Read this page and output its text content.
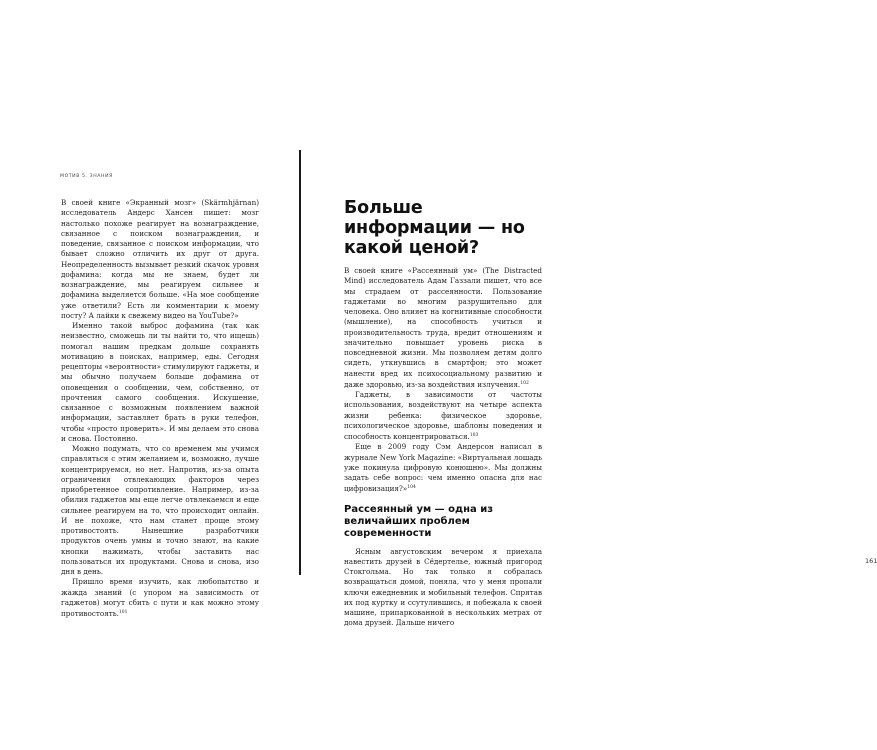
МОТИВ 5. ЗНАНИЯ

В своей книге «Экранный мозг» (Skärmhjärnan) исследователь Андерс Хансен пишет: мозг настолько похоже реагирует на вознаграждение, связанное с поиском вознаграждения, и поведение, связанное с поиском информации, что бывает сложно отличить их друг от друга. Неопределенность вызывает резкий скачок уровня дофамина: когда мы не знаем, будет ли вознаграждение, мы реагируем сильнее и дофамина выделяется больше. «На мое сообщение уже ответили? Есть ли комментарии к моему посту? А лайки к свежему видео на YouTube?»

Именно такой выброс дофамина (так как неизвестно, сможешь ли ты найти то, что ищешь) помогал нашим предкам дольше сохранять мотивацию в поисках, например, еды. Сегодня рецепторы «вероятности» стимулируют гаджеты, и мы обычно получаем больше дофамина от оповещения о сообщении, чем, собственно, от прочтения самого сообщения. Искушение, связанное с возможным появлением важной информации, заставляет брать в руки телефон, чтобы «просто проверить». И мы делаем это снова и снова. Постоянно.

Можно подумать, что со временем мы учимся справляться с этим желанием и, возможно, лучше концентрируемся, но нет. Напротив, из-за опыта ограничения отвлекающих факторов через приобретенное сопротивление. Например, из-за обилия гаджетов мы еще легче отвлекаемся и еще сильнее реагируем на то, что происходит онлайн. И не похоже, что нам станет проще этому противостоять. Нынешние разработчики продуктов очень умны и точно знают, на какие кнопки нажимать, чтобы заставить нас пользоваться их продуктами. Снова и снова, изо дня в день.

Пришло время изучить, как любопытство и жажда знаний (с упором на зависимость от гаджетов) могут сбить с пути и как можно этому противостоять.$^{101}$

Больше информации — но какой ценой?

В своей книге «Рассеянный ум» (The Distracted Mind) исследователь Адам Газзали пишет, что все мы страдаем от рассеянности. Пользование гаджетами во многим разрушительно для человека. Оно влияет на когнитивные способности (мышление), на способность учиться и производительность труда, вредит отношениям и значительно повышает уровень риска в повседневной жизни. Мы позволяем детям долго сидеть, уткнувшись в смартфон; это может нанести вред их психосоциальному развитию и даже здоровью, из-за воздействия излучения.$^{102}$

Гаджеты, в зависимости от частоты использования, воздействуют на четыре аспекта жизни ребенка: физическое здоровье, психологическое здоровье, шаблоны поведения и способность концентрироваться.$^{103}$

Еще в 2009 году Сэм Андерсон написал в журнале New York Magazine: «Виртуальная лошадь уже покинула цифровую конюшню». Мы должны задать себе вопрос: чем именно опасна для нас цифровизация?»$^{104}$

Рассеянный ум — одна из величайших проблем современности

Ясным августовским вечером я приехала навестить друзей в Сёдертелье, южный пригород Стокгольма. Но так только я собралась возвращаться домой, поняла, что у меня пропали ключи ежедневник и мобильный телефон. Спрятав их под куртку и ссутулившись, я побежала к своей машине, припаркованной в нескольких метрах от дома друзей. Дальше ничего

161
